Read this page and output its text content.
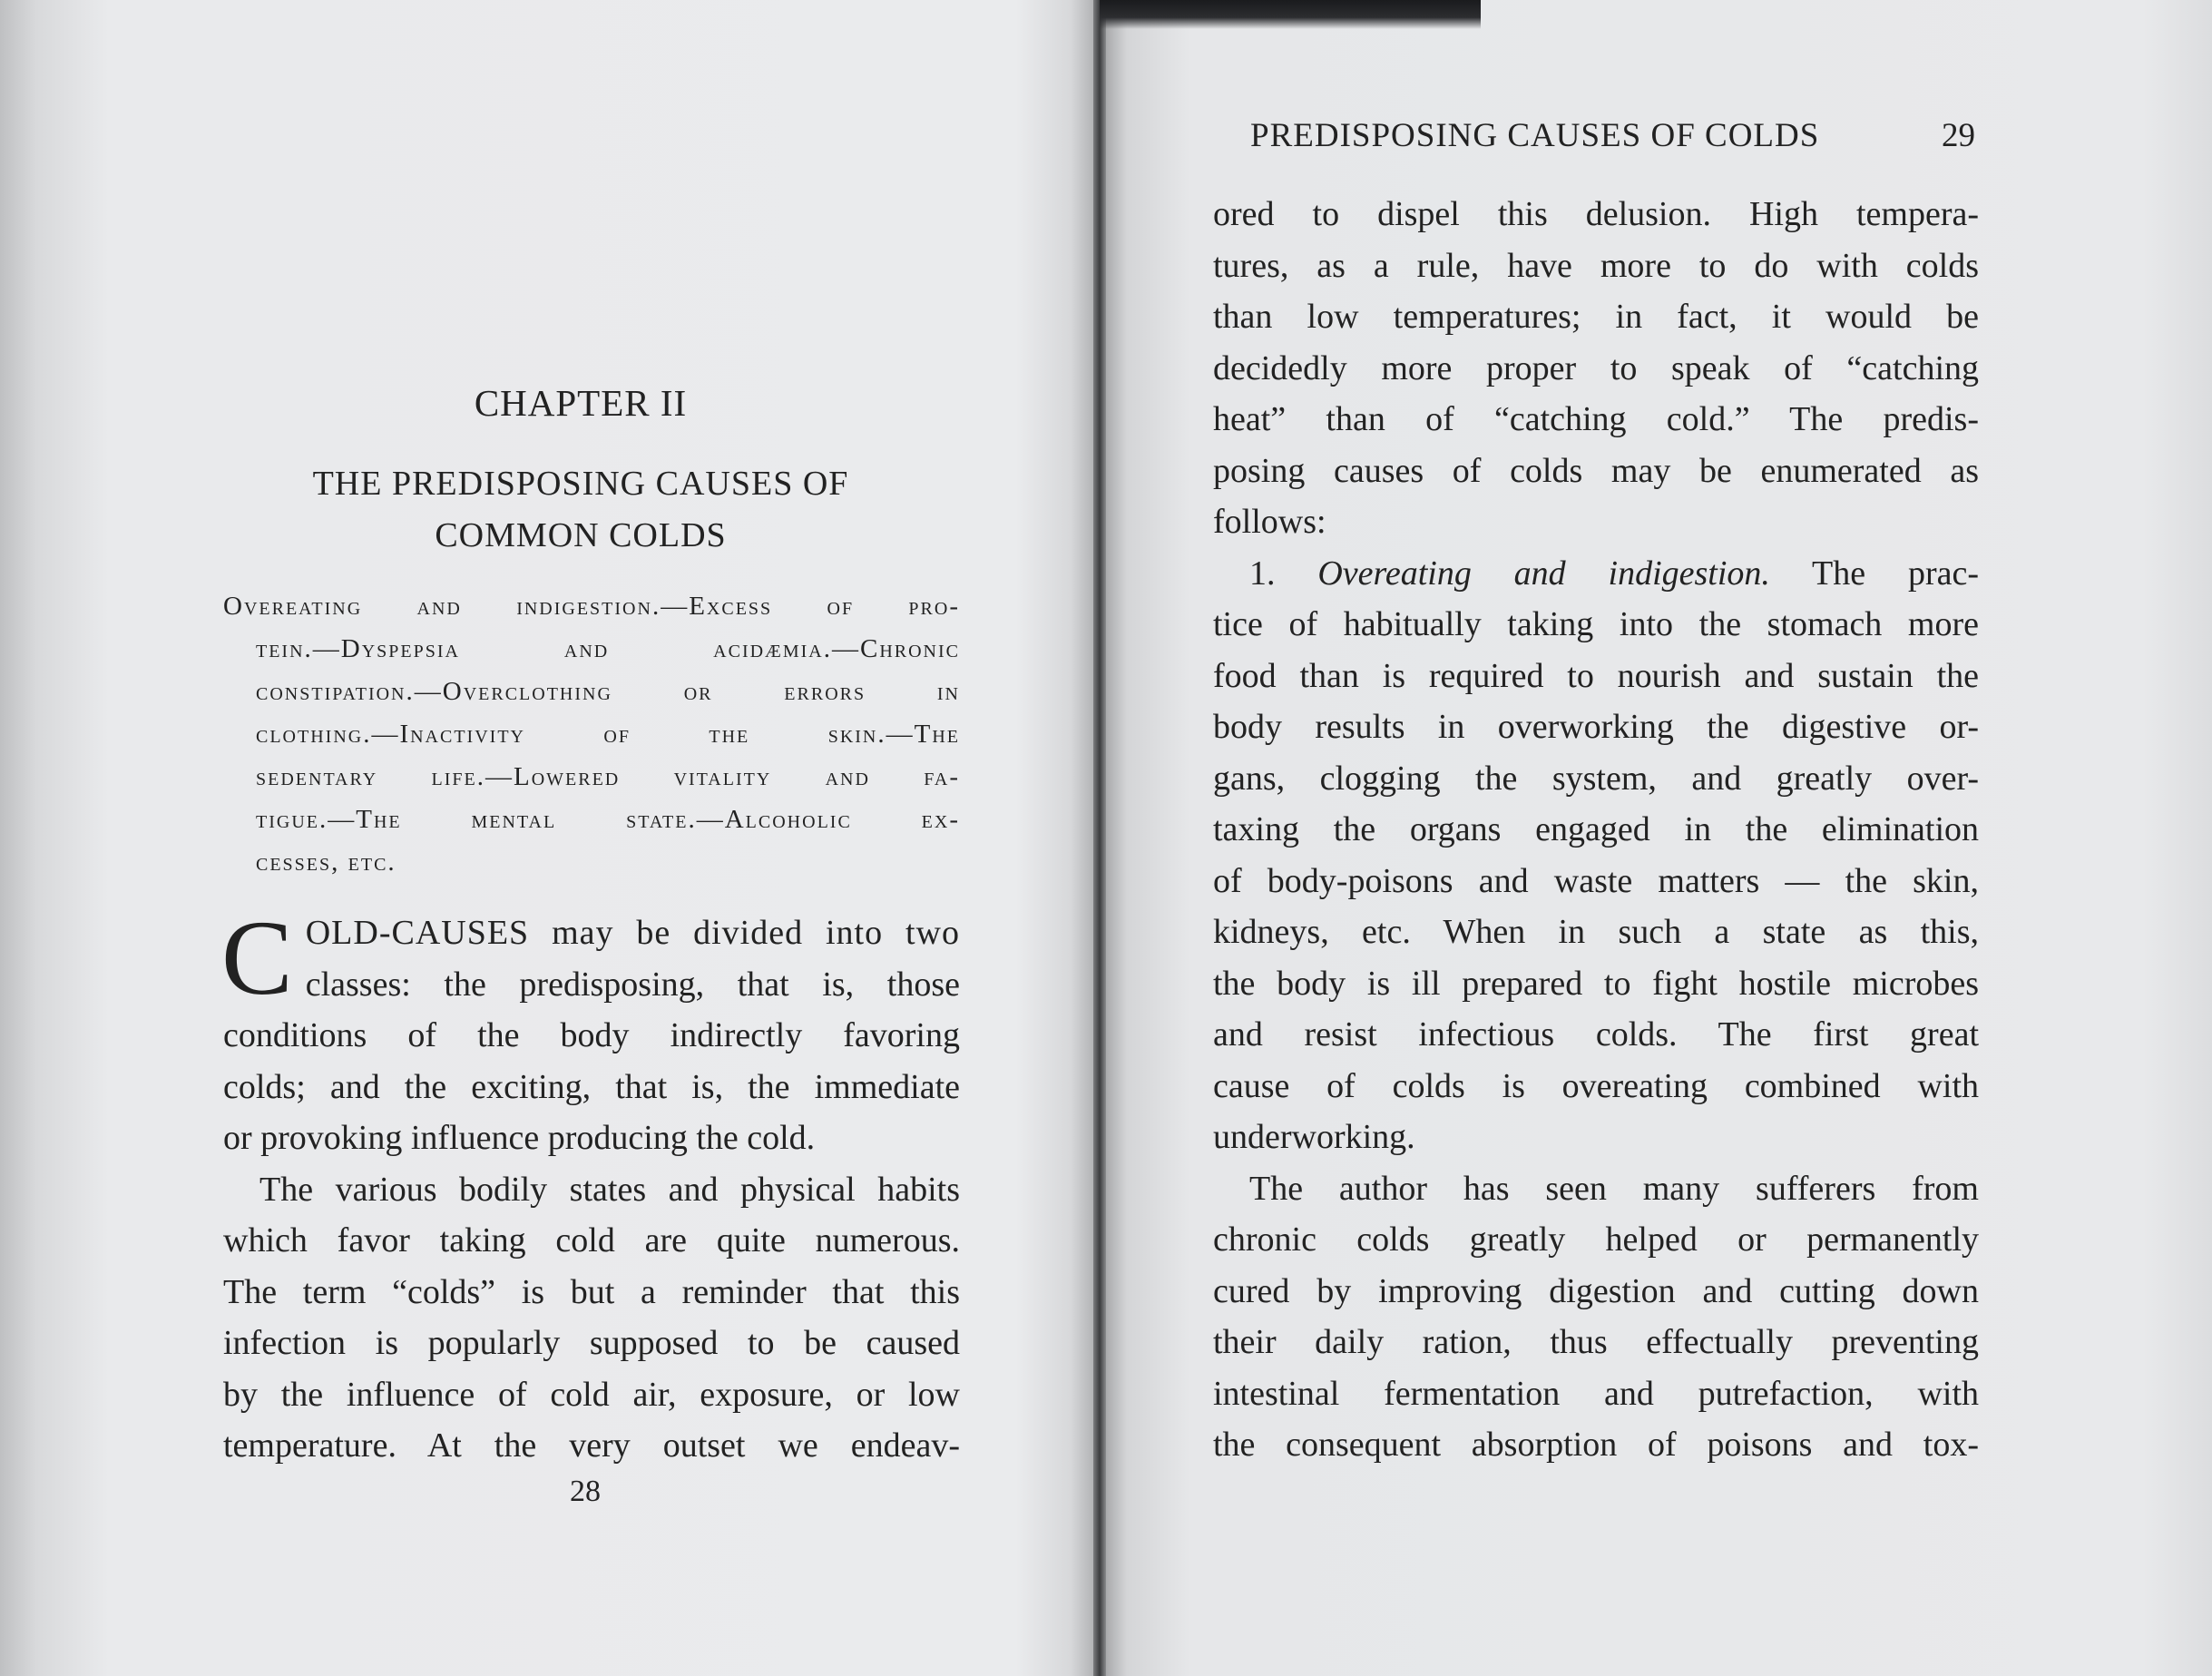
CHAPTER II
THE PREDISPOSING CAUSES OF
COMMON COLDS
Overeating and indigestion.—Excess of pro-
tein.—Dyspepsia and acidæmia.—Chronic
constipation.—Overclothing or errors in
clothing.—Inactivity of the skin.—The
sedentary life.—Lowered vitality and fa-
tigue.—The mental state.—Alcoholic ex-
cesses, etc.
C OLD-CAUSES may be divided into two
classes: the predisposing, that is, those
conditions of the body indirectly favoring
colds; and the exciting, that is, the immediate
or provoking influence producing the cold.
The various bodily states and physical habits
which favor taking cold are quite numerous.
The term “colds” is but a reminder that this
infection is popularly supposed to be caused
by the influence of cold air, exposure, or low
temperature. At the very outset we endeav-
28
PREDISPOSING CAUSES OF COLDS	29
ored to dispel this delusion. High tempera-
tures, as a rule, have more to do with colds
than low temperatures; in fact, it would be
decidedly more proper to speak of “catching
heat” than of “catching cold.” The predis-
posing causes of colds may be enumerated as
follows:
1. Overeating and indigestion. The prac-
tice of habitually taking into the stomach more
food than is required to nourish and sustain the
body results in overworking the digestive or-
gans, clogging the system, and greatly over-
taxing the organs engaged in the elimination
of body-poisons and waste matters — the skin,
kidneys, etc. When in such a state as this,
the body is ill prepared to fight hostile microbes
and resist infectious colds. The first great
cause of colds is overeating combined with
underworking.
The author has seen many sufferers from
chronic colds greatly helped or permanently
cured by improving digestion and cutting down
their daily ration, thus effectually preventing
intestinal fermentation and putrefaction, with
the consequent absorption of poisons and tox-
